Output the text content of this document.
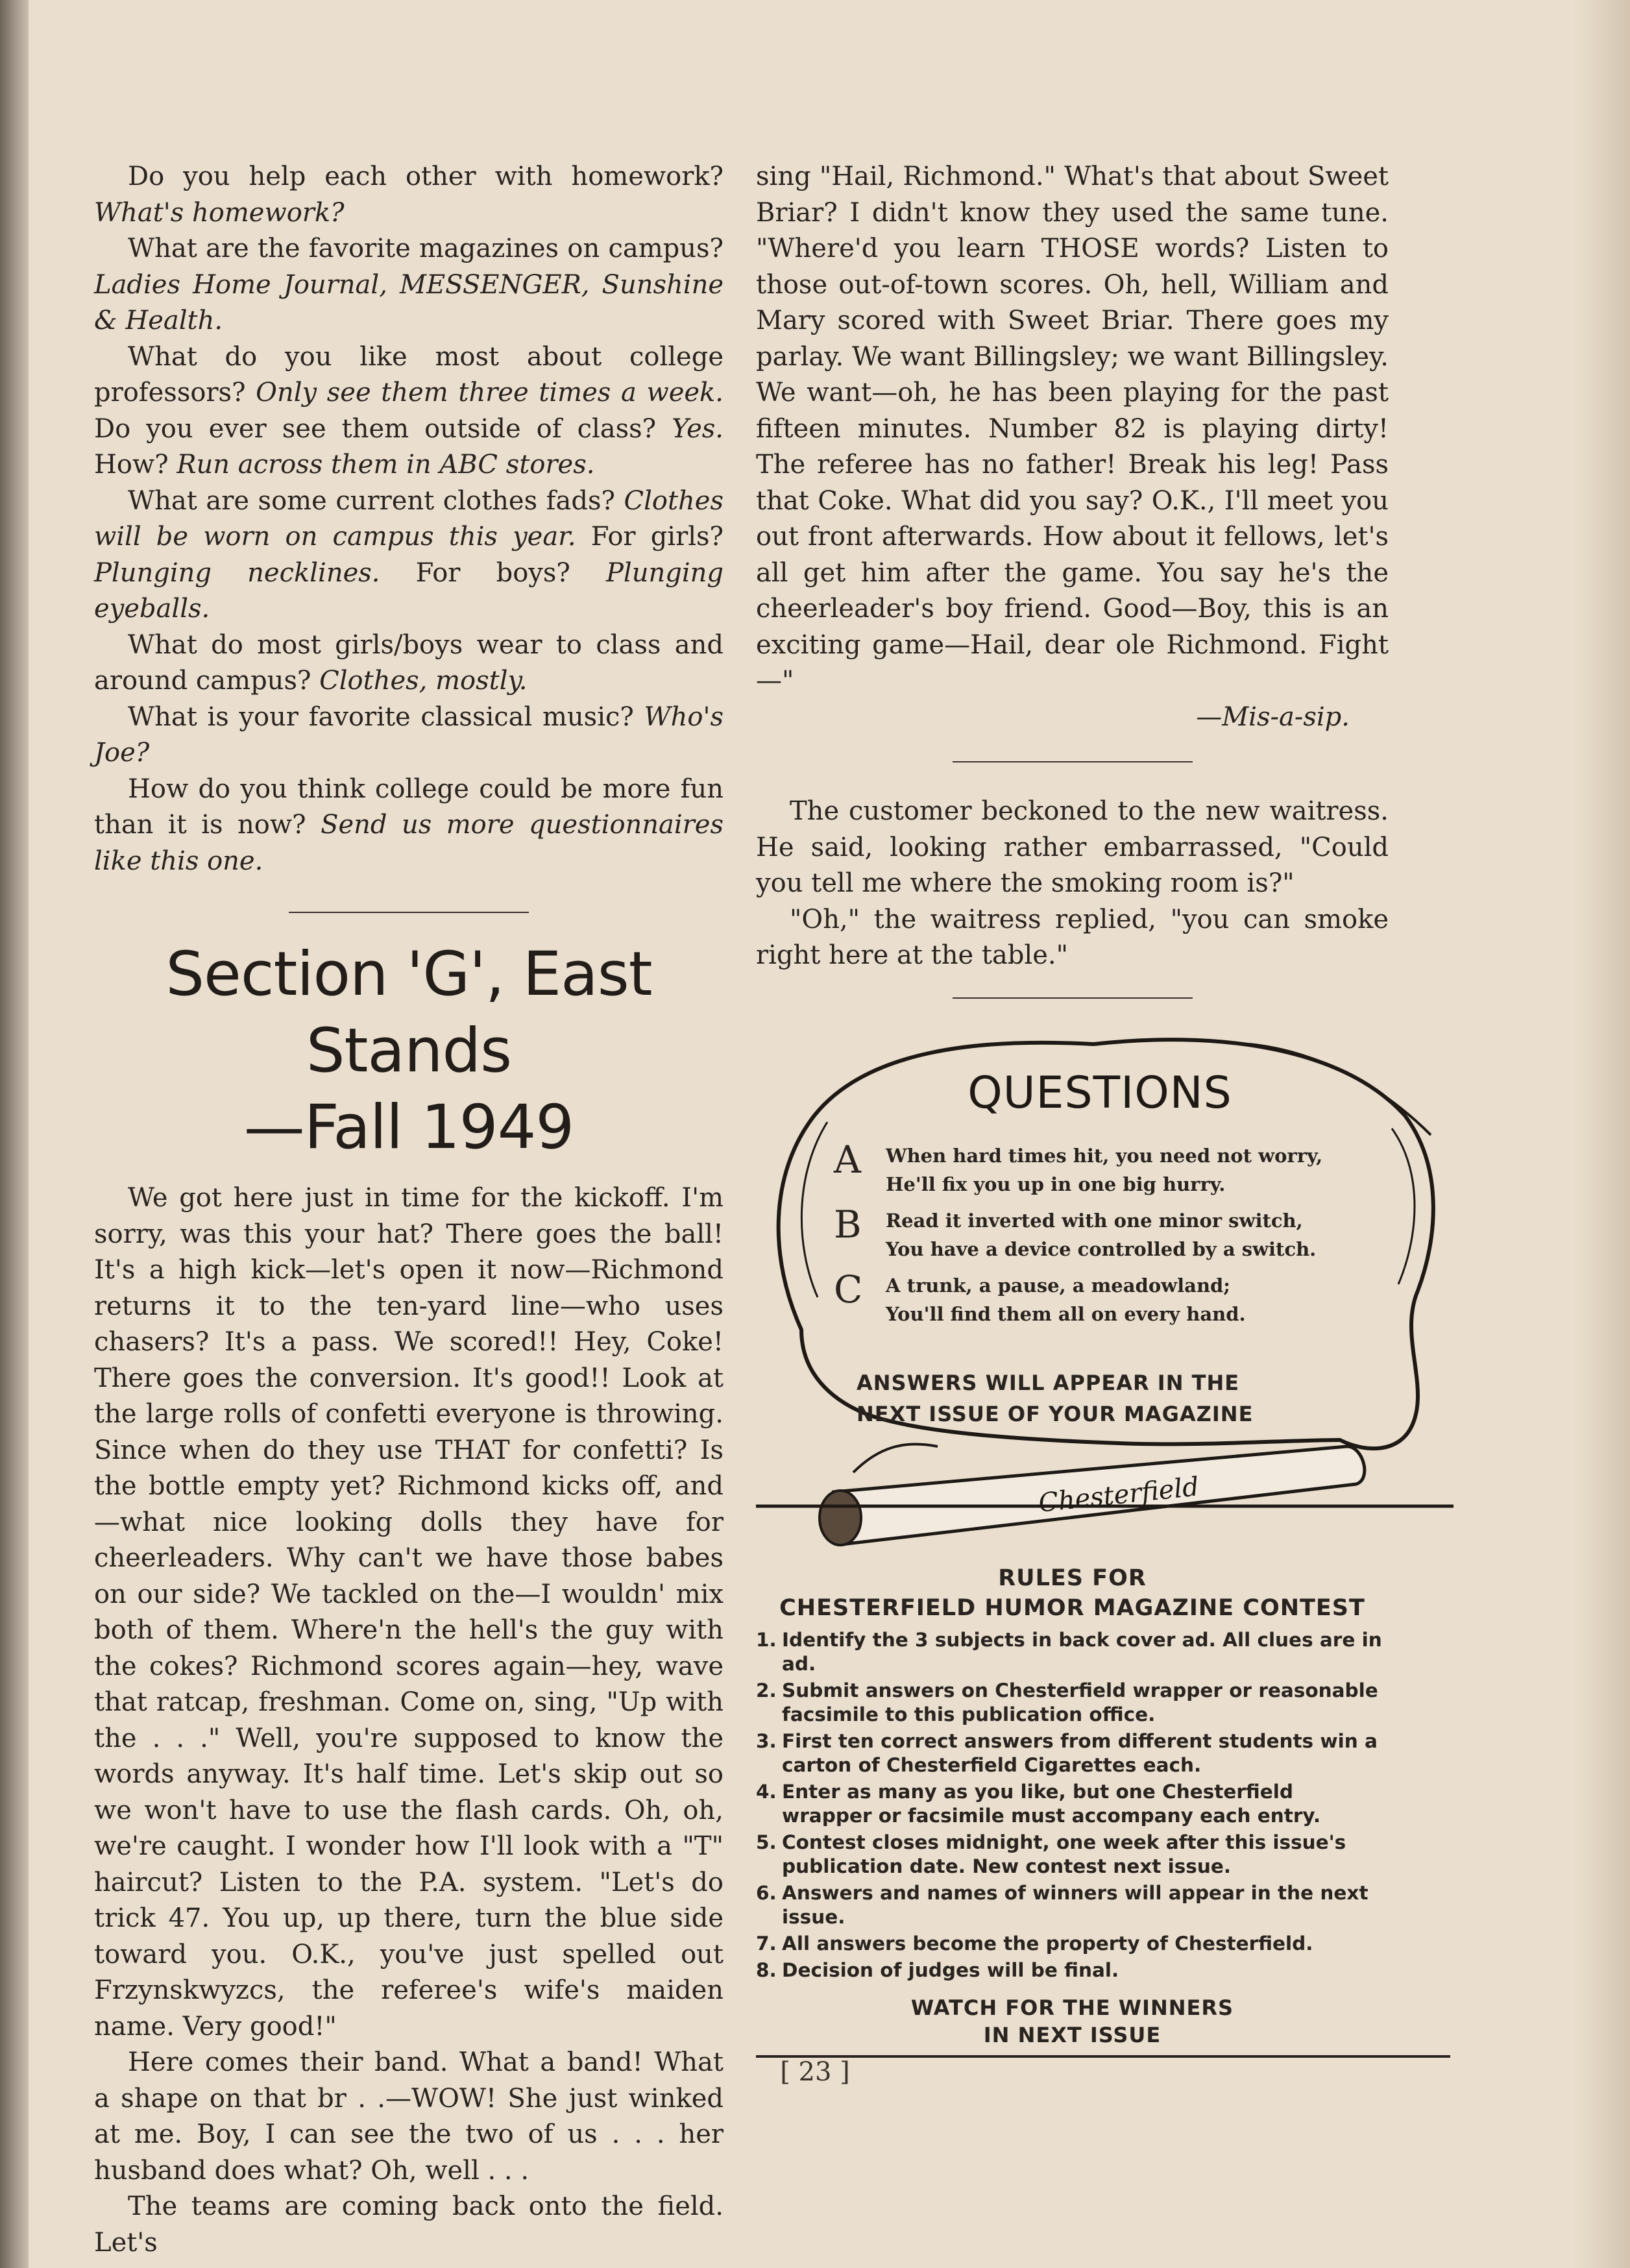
Do you help each other with homework? What's homework?

What are the favorite magazines on campus? Ladies Home Journal, MESSENGER, Sunshine & Health.

What do you like most about college professors? Only see them three times a week. Do you ever see them outside of class? Yes. How? Run across them in ABC stores.

What are some current clothes fads? Clothes will be worn on campus this year. For girls? Plunging necklines. For boys? Plunging eyeballs.

What do most girls/boys wear to class and around campus? Clothes, mostly.

What is your favorite classical music? Who's Joe?

How do you think college could be more fun than it is now? Send us more questionnaires like this one.

Section 'G', East Stands
—Fall 1949

We got here just in time for the kickoff. I'm sorry, was this your hat? There goes the ball! It's a high kick—let's open it now—Richmond returns it to the ten-yard line—who uses chasers? It's a pass. We scored!! Hey, Coke! There goes the conversion. It's good!! Look at the large rolls of confetti everyone is throwing. Since when do they use THAT for confetti? Is the bottle empty yet? Richmond kicks off, and—what nice looking dolls they have for cheerleaders. Why can't we have those babes on our side? We tackled on the—I wouldn' mix both of them. Where'n the hell's the guy with the cokes? Richmond scores again—hey, wave that ratcap, freshman. Come on, sing, "Up with the . . ." Well, you're supposed to know the words anyway. It's half time. Let's skip out so we won't have to use the flash cards. Oh, oh, we're caught. I wonder how I'll look with a "T" haircut? Listen to the P.A. system. "Let's do trick 47. You up, up there, turn the blue side toward you. O.K., you've just spelled out Frzynskwyzcs, the referee's wife's maiden name. Very good!"

Here comes their band. What a band! What a shape on that br . .—WOW! She just winked at me. Boy, I can see the two of us . . . her husband does what? Oh, well . . .

The teams are coming back onto the field. Let's

sing "Hail, Richmond." What's that about Sweet Briar? I didn't know they used the same tune. "Where'd you learn THOSE words? Listen to those out-of-town scores. Oh, hell, William and Mary scored with Sweet Briar. There goes my parlay. We want Billingsley; we want Billingsley. We want—oh, he has been playing for the past fifteen minutes. Number 82 is playing dirty! The referee has no father! Break his leg! Pass that Coke. What did you say? O.K., I'll meet you out front afterwards. How about it fellows, let's all get him after the game. You say he's the cheerleader's boy friend. Good—Boy, this is an exciting game—Hail, dear ole Richmond. Fight—"

—Mis-a-sip.

The customer beckoned to the new waitress. He said, looking rather embarrassed, "Could you tell me where the smoking room is?"

"Oh," the waitress replied, "you can smoke right here at the table."

QUESTIONS
A When hard times hit, you need not worry,
He'll fix you up in one big hurry.
B Read it inverted with one minor switch,
You have a device controlled by a switch.
C A trunk, a pause, a meadowland;
You'll find them all on every hand.
ANSWERS WILL APPEAR IN THE
NEXT ISSUE OF YOUR MAGAZINE
Chesterfield
RULES FOR
CHESTERFIELD HUMOR MAGAZINE CONTEST
1. Identify the 3 subjects in back cover ad. All clues are in ad.
2. Submit answers on Chesterfield wrapper or reasonable facsimile to this publication office.
3. First ten correct answers from different students win a carton of Chesterfield Cigarettes each.
4. Enter as many as you like, but one Chesterfield wrapper or facsimile must accompany each entry.
5. Contest closes midnight, one week after this issue's publication date. New contest next issue.
6. Answers and names of winners will appear in the next issue.
7. All answers become the property of Chesterfield.
8. Decision of judges will be final.
WATCH FOR THE WINNERS
IN NEXT ISSUE
[ 23 ]
